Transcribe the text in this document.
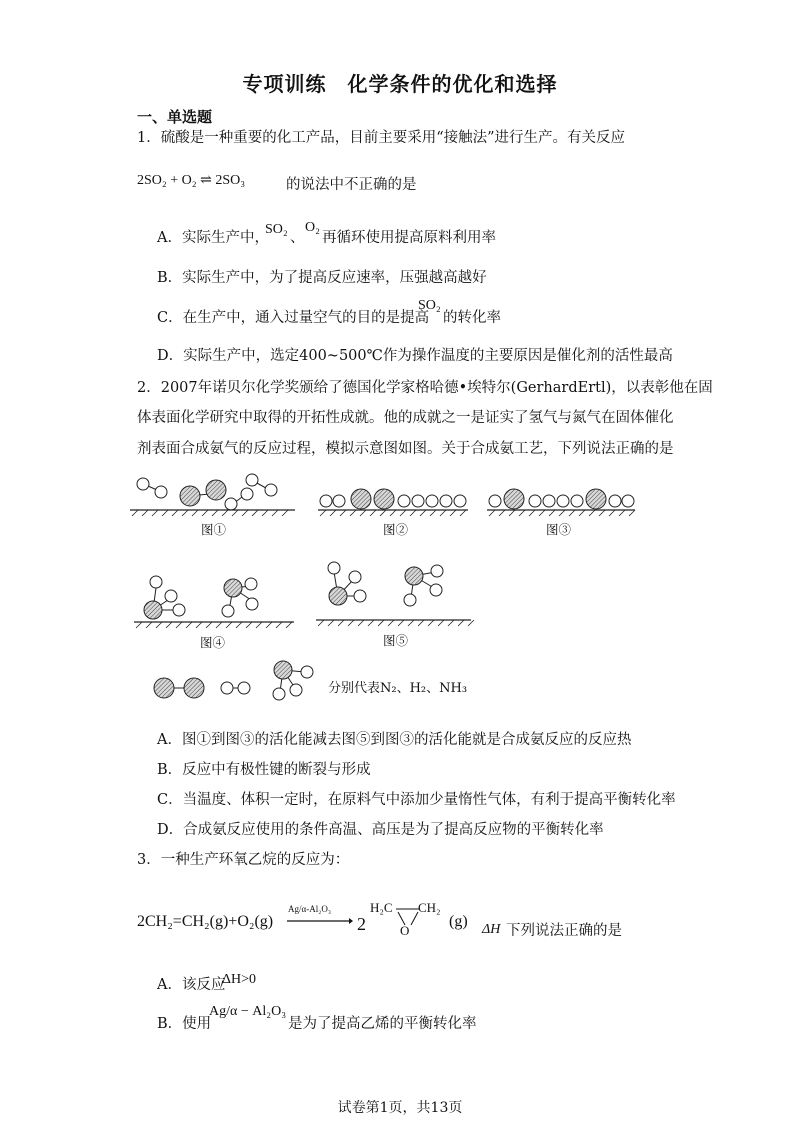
专项训练　化学条件的优化和选择
一、单选题
1．硫酸是一种重要的化工产品，目前主要采用“接触法”进行生产。有关反应
2SO₂ + O₂ ⇌ 2SO₃	的说法中不正确的是
A．实际生产中，
SO₂
、
O₂
再循环使用提高原料利用率
B．实际生产中，为了提高反应速率，压强越高越好
C．在生产中，通入过量空气的目的是提高
SO₂
的转化率
D．实际生产中，选定400~500℃作为操作温度的主要原因是催化剂的活性最高
2．2007年诺贝尔化学奖颁给了德国化学家格哈德•埃特尔(GerhardErtl)，以表彰他在固
体表面化学研究中取得的开拓性成就。他的成就之一是证实了氢气与氮气在固体催化
剂表面合成氨气的反应过程，模拟示意图如图。关于合成氨工艺，下列说法正确的是
图①	图②	图③
图④	图⑤
分别代表N₂、H₂、NH₃
A．图①到图③的活化能减去图⑤到图③的活化能就是合成氨反应的反应热
B．反应中有极性键的断裂与形成
C．当温度、体积一定时，在原料气中添加少量惰性气体，有利于提高平衡转化率
D．合成氨反应使用的条件高温、高压是为了提高反应物的平衡转化率
3．一种生产环氧乙烷的反应为：
2CH₂=CH₂(g)+O₂(g)
Ag/α-Al₂O₃
2
H₂C CH₂
O
(g) ΔH 下列说法正确的是
A．该反应
ΔH>0
B．使用
Ag/α − Al₂O₃
是为了提高乙烯的平衡转化率
试卷第1页，共13页
